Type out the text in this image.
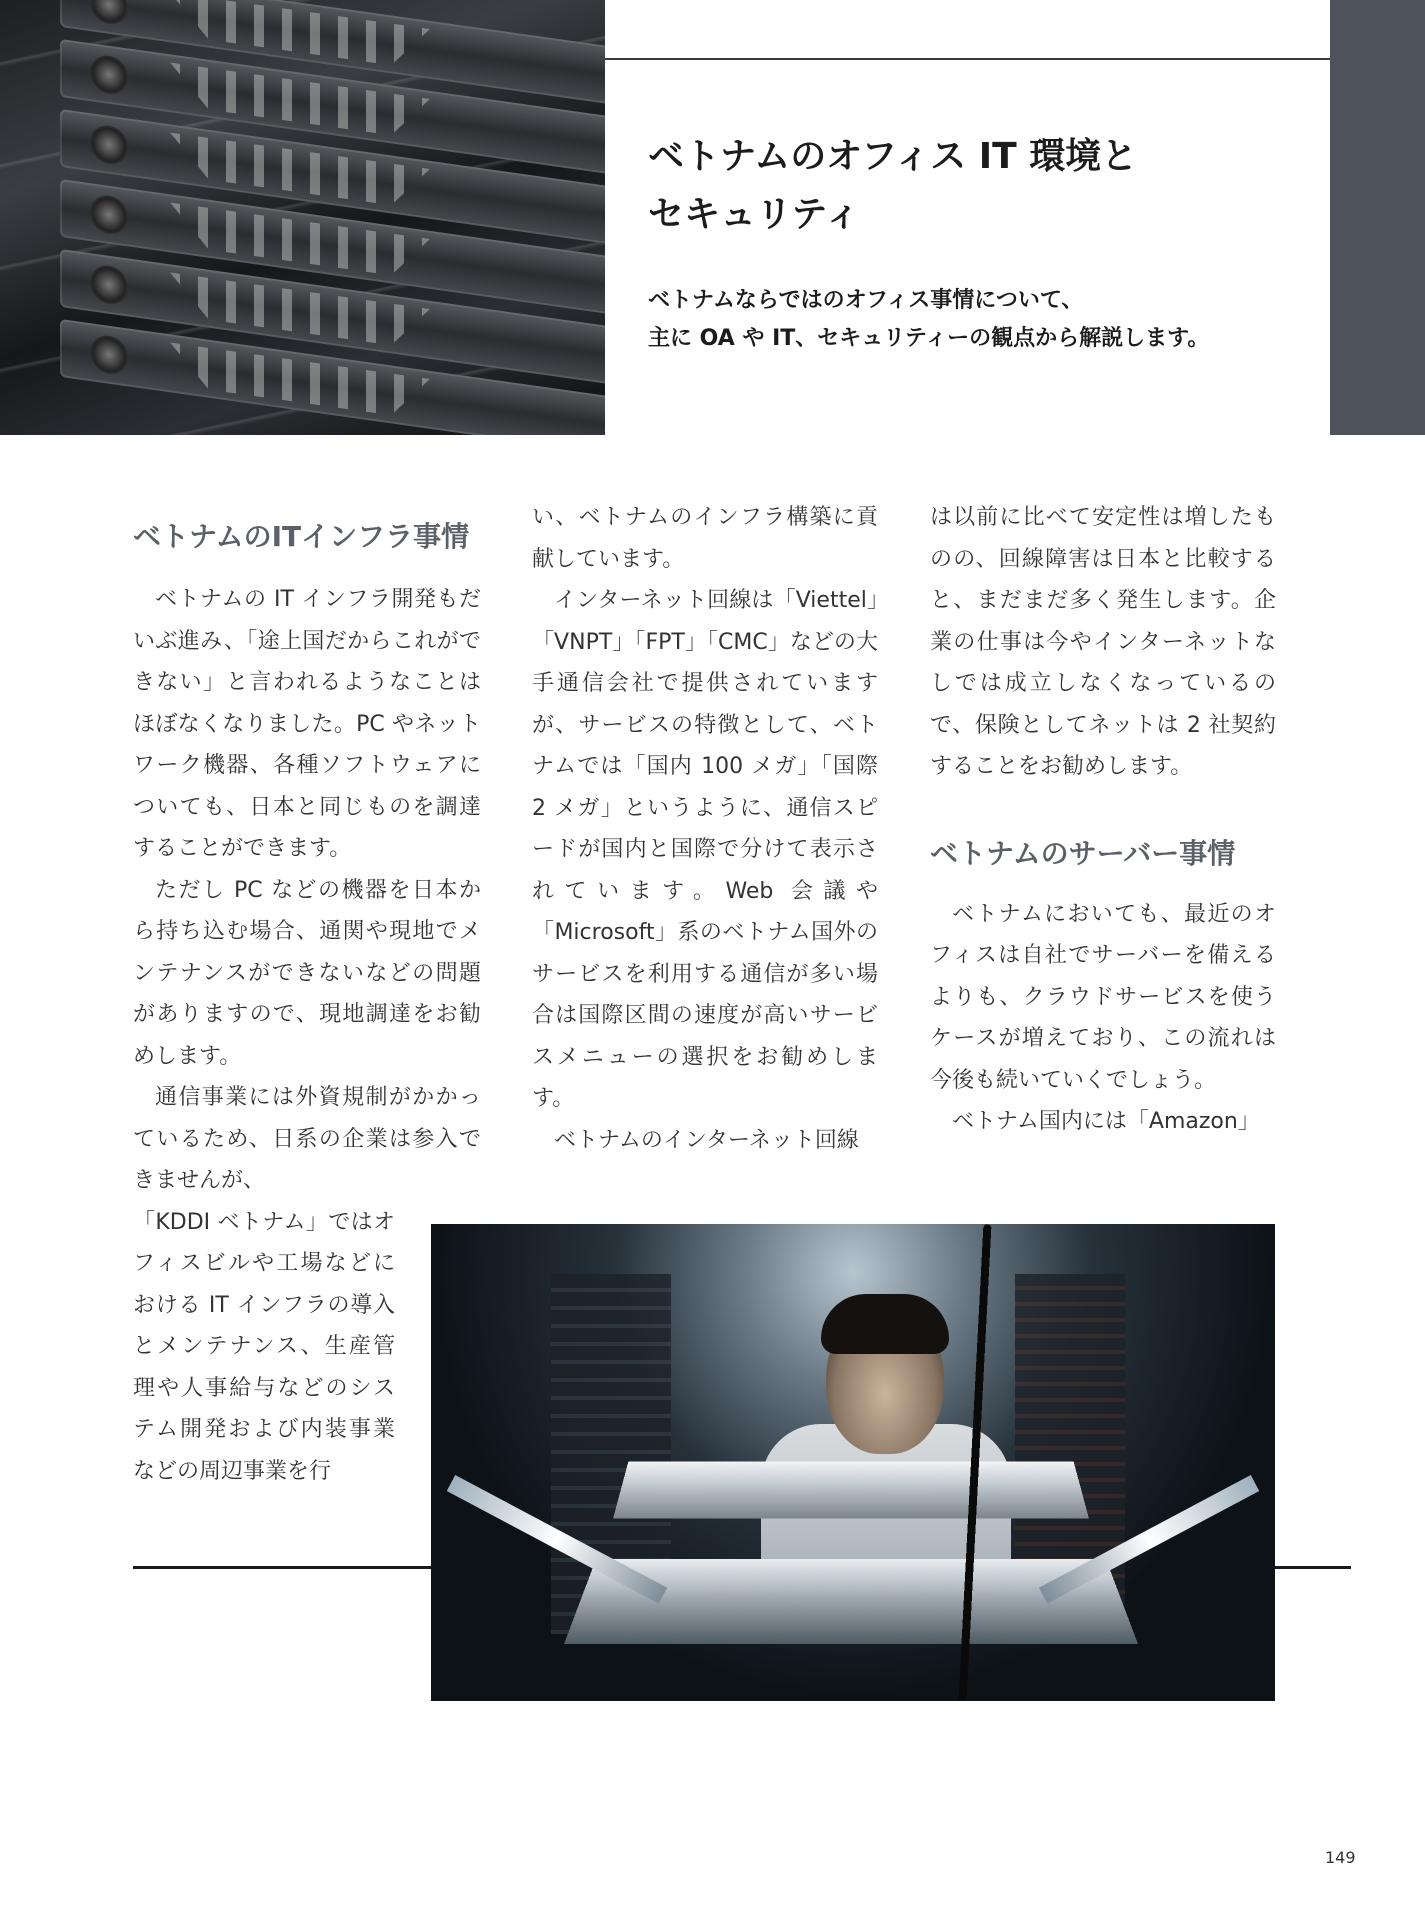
ベトナムのオフィス IT 環境と
セキュリティ

ベトナムならではのオフィス事情について、
主に OA や IT、セキュリティーの観点から解説します。

ベトナムのITインフラ事情

ベトナムの IT インフラ開発もだいぶ進み、「途上国だからこれができない」と言われるようなことはほぼなくなりました。PC やネットワーク機器、各種ソフトウェアについても、日本と同じものを調達することができます。

ただし PC などの機器を日本から持ち込む場合、通関や現地でメンテナンスができないなどの問題がありますので、現地調達をお勧めします。

通信事業には外資規制がかかっているため、日系の企業は参入できませんが、

「KDDI ベトナム」ではオフィスビルや工場などにおける IT インフラの導入とメンテナンス、生産管理や人事給与などのシステム開発および内装事業などの周辺事業を行

い、ベトナムのインフラ構築に貢献しています。

インターネット回線は「Viettel」「VNPT」「FPT」「CMC」などの大手通信会社で提供されていますが、サービスの特徴として、ベトナムでは「国内 100 メガ」「国際 2 メガ」というように、通信スピードが国内と国際で分けて表示されています。Web 会議や「Microsoft」系のベトナム国外のサービスを利用する通信が多い場合は国際区間の速度が高いサービスメニューの選択をお勧めします。

ベトナムのインターネット回線

は以前に比べて安定性は増したものの、回線障害は日本と比較すると、まだまだ多く発生します。企業の仕事は今やインターネットなしでは成立しなくなっているので、保険としてネットは 2 社契約することをお勧めします。

ベトナムのサーバー事情

ベトナムにおいても、最近のオフィスは自社でサーバーを備えるよりも、クラウドサービスを使うケースが増えており、この流れは今後も続いていくでしょう。

ベトナム国内には「Amazon」

149
